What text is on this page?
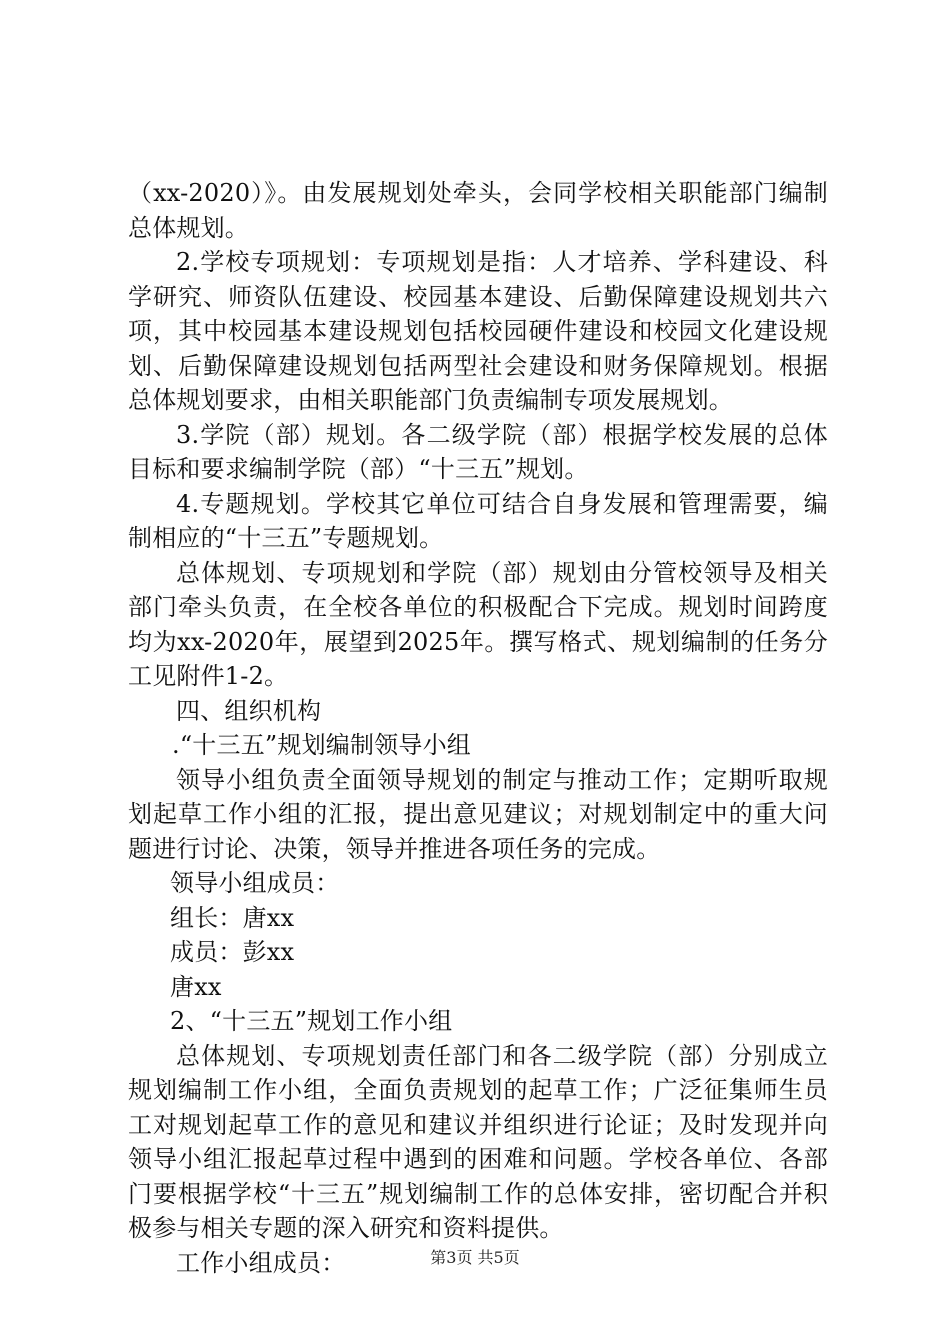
（xx-2020）》。由发展规划处牵头，会同学校相关职能部门编制总体规划。

2.学校专项规划：专项规划是指：人才培养、学科建设、科学研究、师资队伍建设、校园基本建设、后勤保障建设规划共六项，其中校园基本建设规划包括校园硬件建设和校园文化建设规划、后勤保障建设规划包括两型社会建设和财务保障规划。根据总体规划要求，由相关职能部门负责编制专项发展规划。

3.学院（部）规划。各二级学院（部）根据学校发展的总体目标和要求编制学院（部）“十三五”规划。

4.专题规划。学校其它单位可结合自身发展和管理需要，编制相应的“十三五”专题规划。

总体规划、专项规划和学院（部）规划由分管校领导及相关部门牵头负责，在全校各单位的积极配合下完成。规划时间跨度均为xx-2020年，展望到2025年。撰写格式、规划编制的任务分工见附件1-2。

四、组织机构

.“十三五”规划编制领导小组

领导小组负责全面领导规划的制定与推动工作；定期听取规划起草工作小组的汇报，提出意见建议；对规划制定中的重大问题进行讨论、决策，领导并推进各项任务的完成。

领导小组成员：

组长：唐xx

成员：彭xx

唐xx

2、“十三五”规划工作小组

总体规划、专项规划责任部门和各二级学院（部）分别成立规划编制工作小组，全面负责规划的起草工作；广泛征集师生员工对规划起草工作的意见和建议并组织进行论证；及时发现并向领导小组汇报起草过程中遇到的困难和问题。学校各单位、各部门要根据学校“十三五”规划编制工作的总体安排，密切配合并积极参与相关专题的深入研究和资料提供。

工作小组成员：	第3页 共5页
